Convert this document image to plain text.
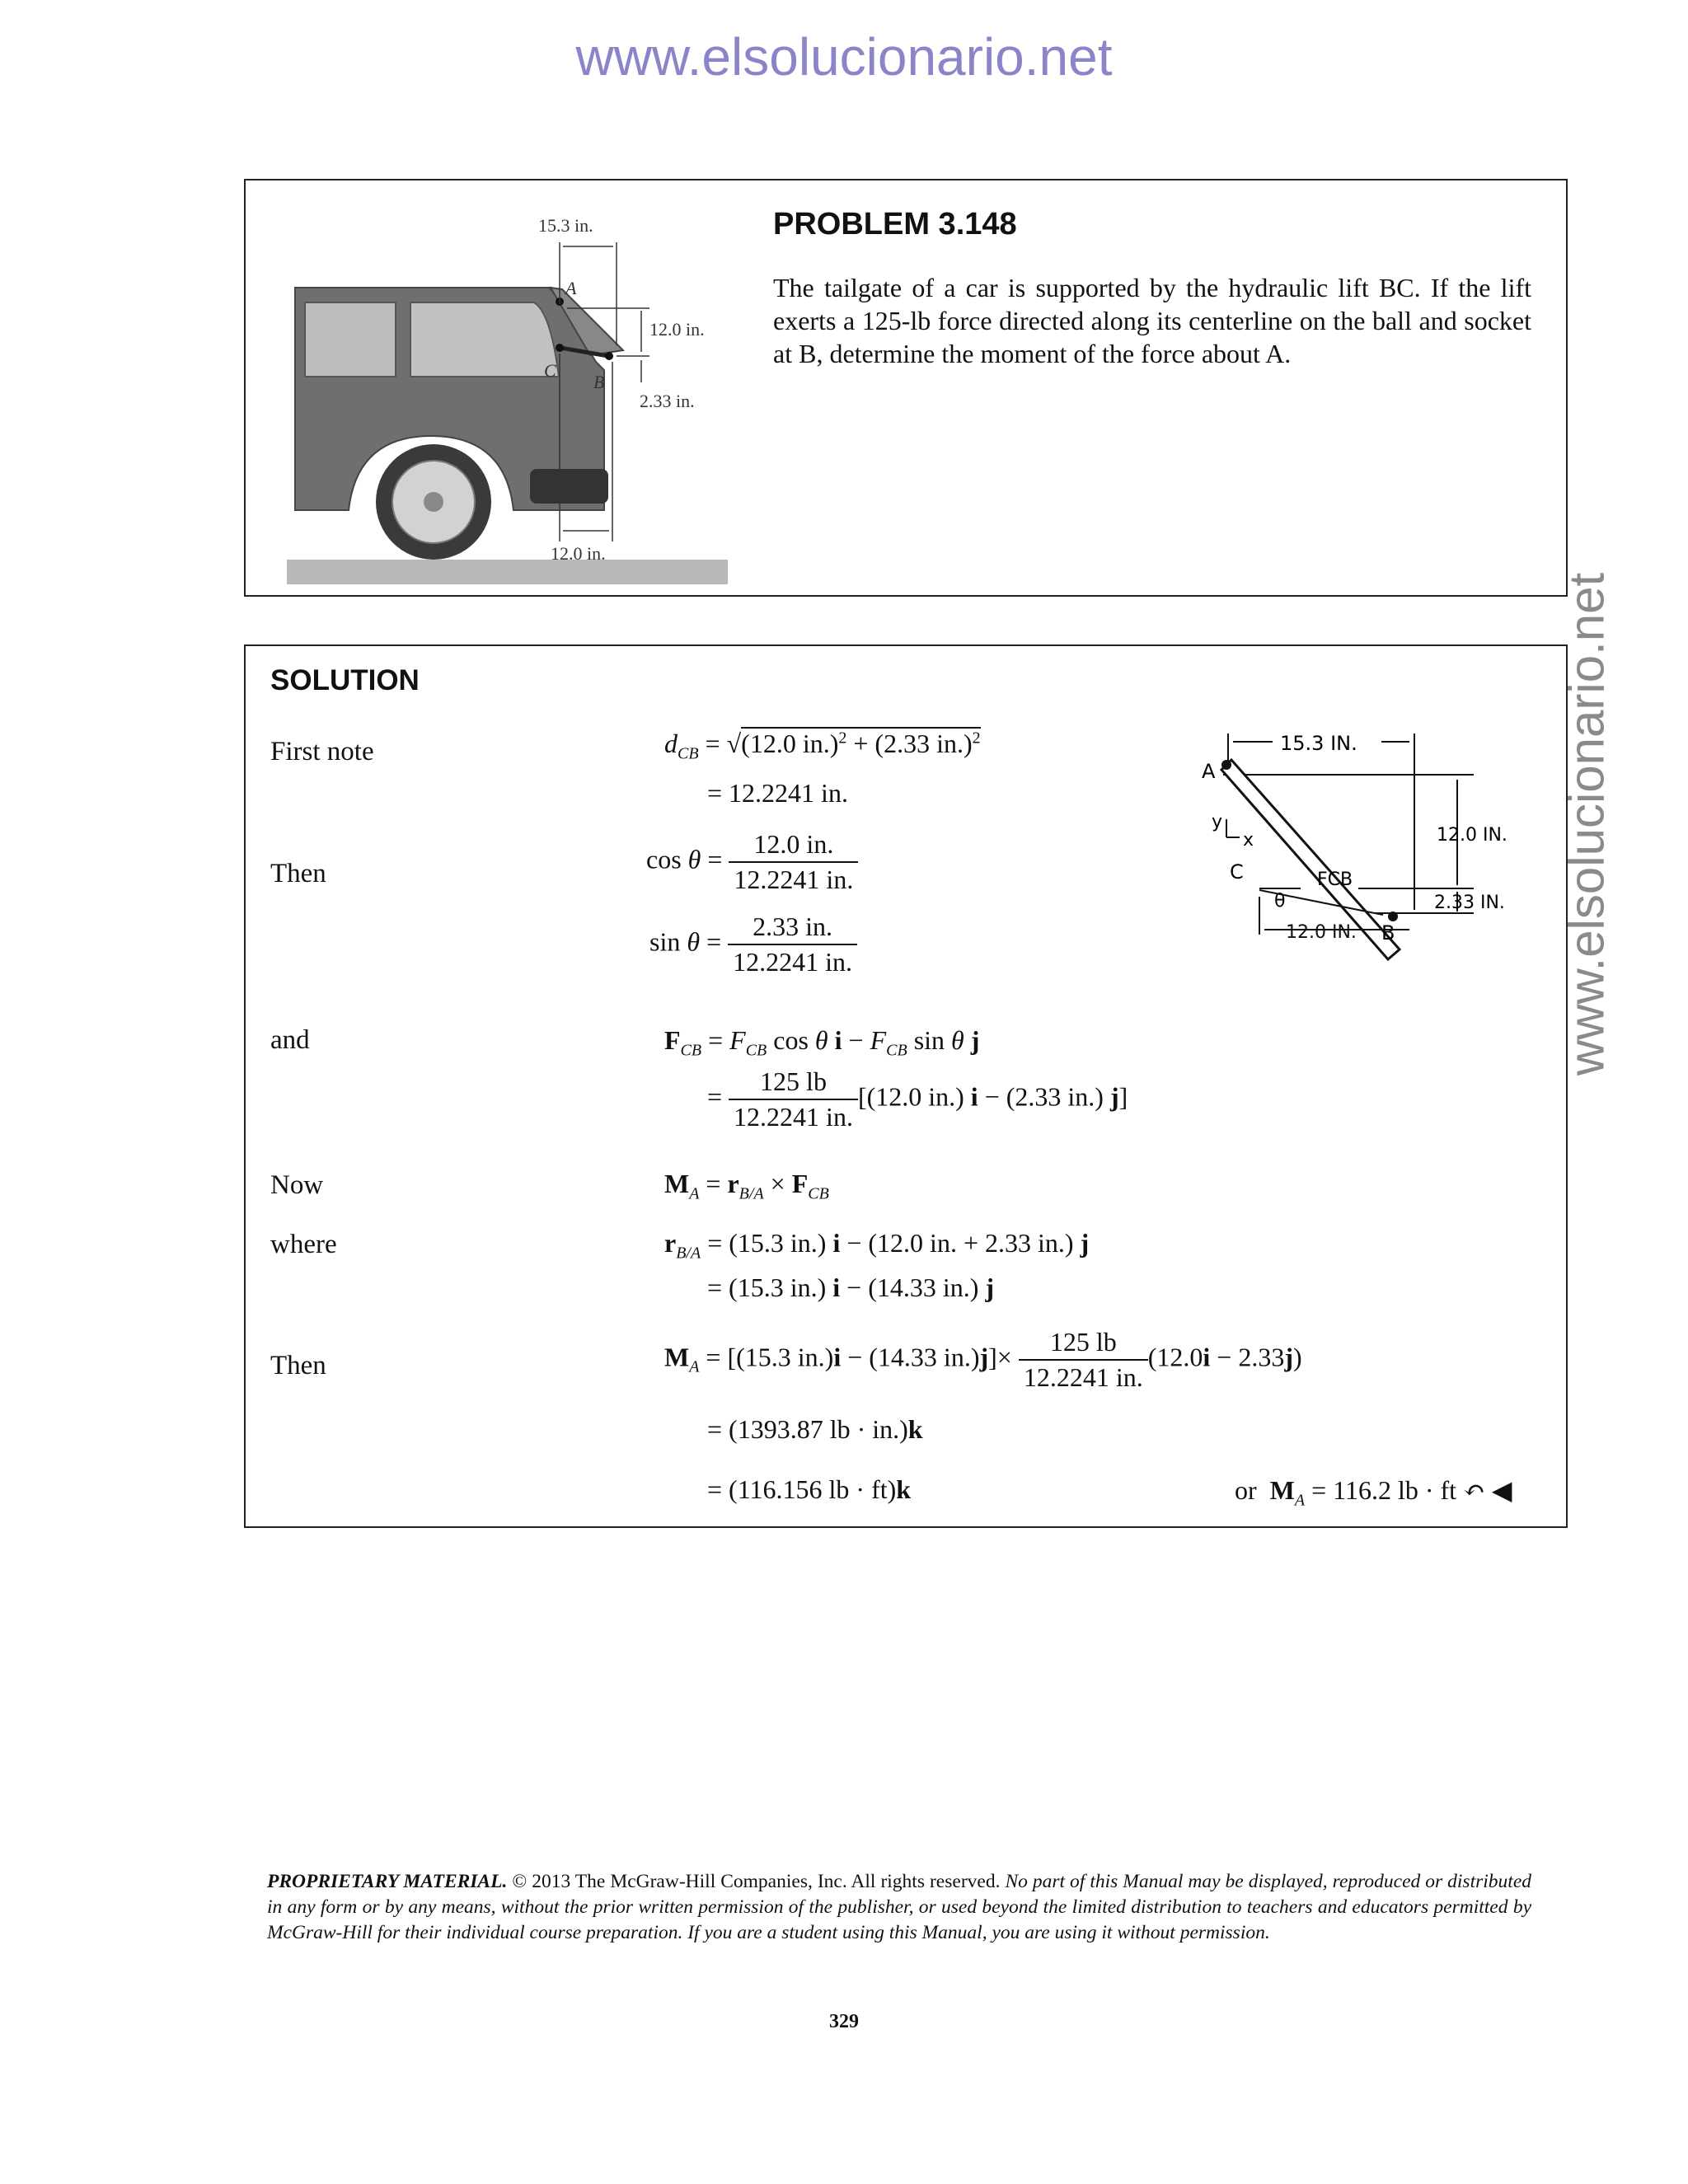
www.elsolucionario.net
www.elsolucionario.net
15.3 in.
12.0 in.
2.33 in.
12.0 in.
A
C
B
PROBLEM 3.148
The tailgate of a car is supported by the hydraulic lift BC. If the lift exerts a 125-lb force directed along its centerline on the ball and socket at B, determine the moment of the force about A.
SOLUTION
First note
Then
and
Now
where
Then
$d_{CB} = √(12.0$ in.)$^2$ + (2.33 in.)$^2$
= 12.2241 in.
$\cos \theta = \frac{12.0 in.}{12.2241 in.}$
$\sin \theta = \frac{2.33 in.}{12.2241 in.}$
$F_{CB} = F_{CB}$ cos θ $i - F_{CB}$ sin θ j
= $\frac{125 lb}{12.2241 in.} [(12.0$ in.) i − (2.33 in.) j]
$M_A = r_{B/A} \times F_{CB}$
$r_{B/A} = (15.3$ in.) i − (12.0 in. + 2.33 in.) j
= (15.3 in.) i − (14.33 in.) j
$M_A = [(15.3$ in.)i − (14.33 $in.)j]\times \frac{125 lb}{12.2241 in.} (12.0i - 2.33j)$
= (1393.87 lb · in.)k
= (116.156 lb · ft)k	or $M_A = 116.2$ lb · ft ↶ ◀
15.3 IN.
12.0 IN.
2.33 IN.
A
B
C
y
x
FCB
θ
12.0 IN.
PROPRIETARY MATERIAL. © 2013 The McGraw-Hill Companies, Inc. All rights reserved. No part of this Manual may be displayed, reproduced or distributed in any form or by any means, without the prior written permission of the publisher, or used beyond the limited distribution to teachers and educators permitted by McGraw-Hill for their individual course preparation. If you are a student using this Manual, you are using it without permission.
329
